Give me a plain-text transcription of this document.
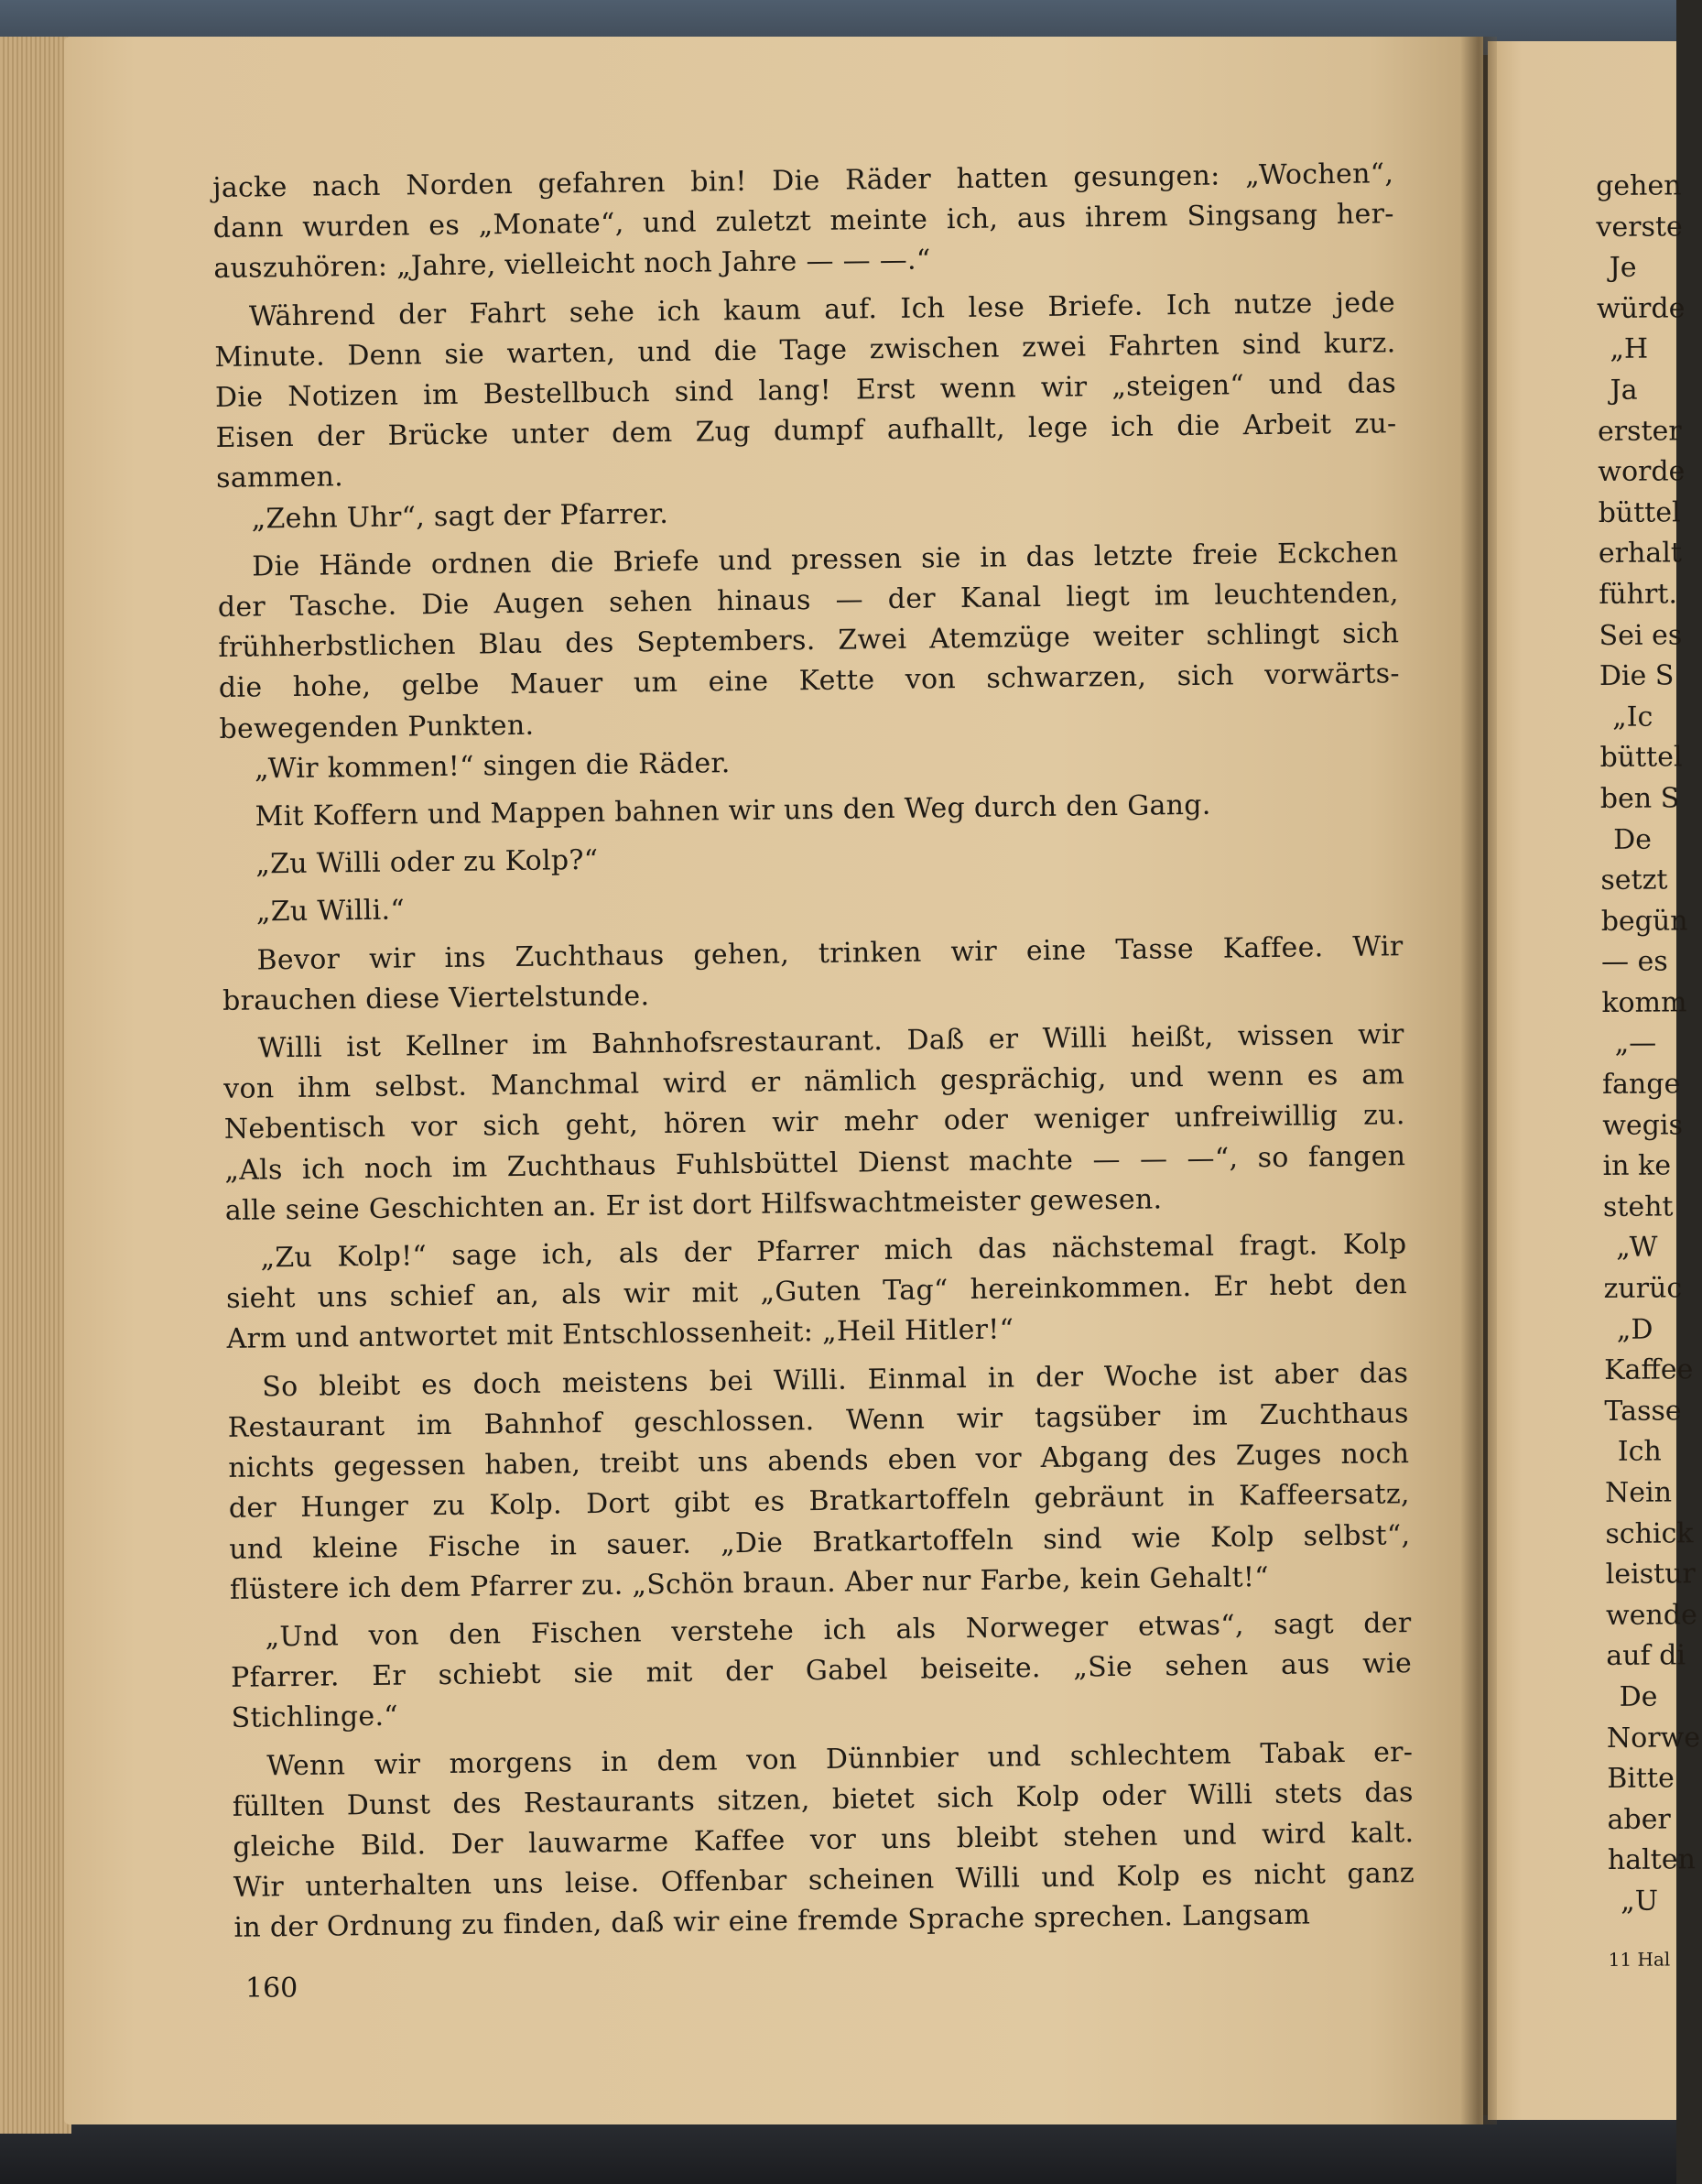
jacke nach Norden gefahren bin! Die Räder hatten gesungen: „Wochen“,

dann wurden es „Monate“, und zuletzt meinte ich, aus ihrem Singsang her-

auszuhören: „Jahre, vielleicht noch Jahre — — —.“

Während der Fahrt sehe ich kaum auf. Ich lese Briefe. Ich nutze jede

Minute. Denn sie warten, und die Tage zwischen zwei Fahrten sind kurz.

Die Notizen im Bestellbuch sind lang! Erst wenn wir „steigen“ und das

Eisen der Brücke unter dem Zug dumpf aufhallt, lege ich die Arbeit zu-

sammen.

„Zehn Uhr“, sagt der Pfarrer.

Die Hände ordnen die Briefe und pressen sie in das letzte freie Eckchen

der Tasche. Die Augen sehen hinaus — der Kanal liegt im leuchtenden,

frühherbstlichen Blau des Septembers. Zwei Atemzüge weiter schlingt sich

die hohe, gelbe Mauer um eine Kette von schwarzen, sich vorwärts-

bewegenden Punkten.

„Wir kommen!“ singen die Räder.

Mit Koffern und Mappen bahnen wir uns den Weg durch den Gang.

„Zu Willi oder zu Kolp?“

„Zu Willi.“

Bevor wir ins Zuchthaus gehen, trinken wir eine Tasse Kaffee. Wir

brauchen diese Viertelstunde.

Willi ist Kellner im Bahnhofsrestaurant. Daß er Willi heißt, wissen wir

von ihm selbst. Manchmal wird er nämlich gesprächig, und wenn es am

Nebentisch vor sich geht, hören wir mehr oder weniger unfreiwillig zu.

„Als ich noch im Zuchthaus Fuhlsbüttel Dienst machte — — —“, so fangen

alle seine Geschichten an. Er ist dort Hilfswachtmeister gewesen.

„Zu Kolp!“ sage ich, als der Pfarrer mich das nächstemal fragt. Kolp

sieht uns schief an, als wir mit „Guten Tag“ hereinkommen. Er hebt den

Arm und antwortet mit Entschlossenheit: „Heil Hitler!“

So bleibt es doch meistens bei Willi. Einmal in der Woche ist aber das

Restaurant im Bahnhof geschlossen. Wenn wir tagsüber im Zuchthaus

nichts gegessen haben, treibt uns abends eben vor Abgang des Zuges noch

der Hunger zu Kolp. Dort gibt es Bratkartoffeln gebräunt in Kaffeersatz,

und kleine Fische in sauer. „Die Bratkartoffeln sind wie Kolp selbst“,

flüstere ich dem Pfarrer zu. „Schön braun. Aber nur Farbe, kein Gehalt!“

„Und von den Fischen verstehe ich als Norweger etwas“, sagt der

Pfarrer. Er schiebt sie mit der Gabel beiseite. „Sie sehen aus wie

Stichlinge.“

Wenn wir morgens in dem von Dünnbier und schlechtem Tabak er-

füllten Dunst des Restaurants sitzen, bietet sich Kolp oder Willi stets das

gleiche Bild. Der lauwarme Kaffee vor uns bleibt stehen und wird kalt.

Wir unterhalten uns leise. Offenbar scheinen Willi und Kolp es nicht ganz

in der Ordnung zu finden, daß wir eine fremde Sprache sprechen. Langsam

160
gehen
verste
Je
würde
„H
Ja
erster
worde
büttel
erhalt
führt.
Sei es
Die S
„Ic
büttel
ben S
De
setzt
begün
— es
komm
„—
fange
wegis
in ke
steht
„W
zurüc
„D
Kaffee
Tasse
Ich
Nein
schick
leistur
wende
auf di
De
Norwe
Bitte
aber
halten
„U
11 Hal
